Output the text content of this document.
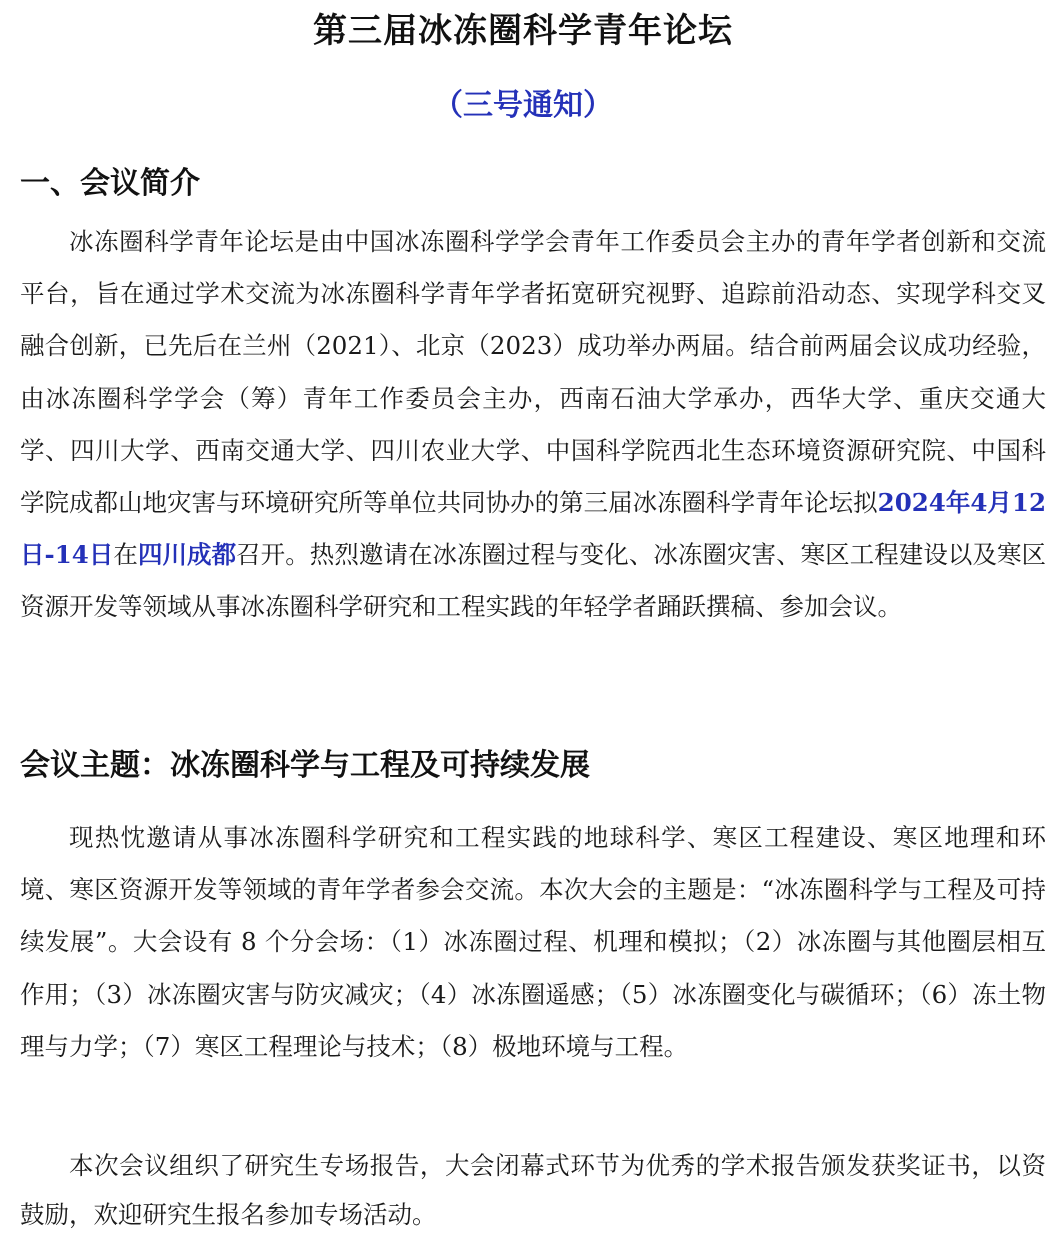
第三届冰冻圈科学青年论坛
（三号通知）
一、会议简介

冰冻圈科学青年论坛是由中国冰冻圈科学学会青年工作委员会主办的青年学者创新和交流平台，旨在通过学术交流为冰冻圈科学青年学者拓宽研究视野、追踪前沿动态、实现学科交叉融合创新，已先后在兰州（2021）、北京（2023）成功举办两届。结合前两届会议成功经验，由冰冻圈科学学会（筹）青年工作委员会主办，西南石油大学承办，西华大学、重庆交通大学、四川大学、西南交通大学、四川农业大学、中国科学院西北生态环境资源研究院、中国科学院成都山地灾害与环境研究所等单位共同协办的第三届冰冻圈科学青年论坛拟2024年4月12日-14日在四川成都召开。热烈邀请在冰冻圈过程与变化、冰冻圈灾害、寒区工程建设以及寒区资源开发等领域从事冰冻圈科学研究和工程实践的年轻学者踊跃撰稿、参加会议。

会议主题：冰冻圈科学与工程及可持续发展

现热忱邀请从事冰冻圈科学研究和工程实践的地球科学、寒区工程建设、寒区地理和环境、寒区资源开发等领域的青年学者参会交流。本次大会的主题是：“冰冻圈科学与工程及可持续发展”。大会设有 8 个分会场：（1）冰冻圈过程、机理和模拟；（2）冰冻圈与其他圈层相互作用；（3）冰冻圈灾害与防灾减灾；（4）冰冻圈遥感；（5）冰冻圈变化与碳循环；（6）冻土物理与力学；（7）寒区工程理论与技术；（8）极地环境与工程。

本次会议组织了研究生专场报告，大会闭幕式环节为优秀的学术报告颁发获奖证书，以资鼓励，欢迎研究生报名参加专场活动。
